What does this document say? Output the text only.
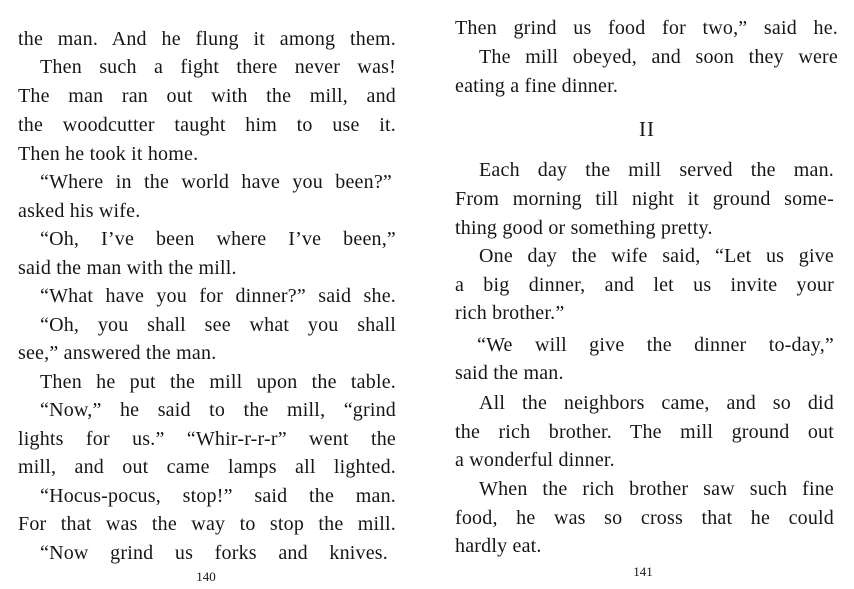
the man. And he flung it among them.
Then such a fight there never was!
The man ran out with the mill, and
the woodcutter taught him to use it.
Then he took it home.
“Where in the world have you been?”
asked his wife.
“Oh, I’ve been where I’ve been,”
said the man with the mill.
“What have you for dinner?” said she.
“Oh, you shall see what you shall
see,” answered the man.
Then he put the mill upon the table.
“Now,” he said to the mill, “grind
lights for us.” “Whir-r-r-r” went the
mill, and out came lamps all lighted.
“Hocus-pocus, stop!” said the man.
For that was the way to stop the mill.
“Now grind us forks and knives.
140
Then grind us food for two,” said he.
The mill obeyed, and soon they were
eating a fine dinner.
II
Each day the mill served the man.
From morning till night it ground some-
thing good or something pretty.
One day the wife said, “Let us give
a big dinner, and let us invite your
rich brother.”
“We will give the dinner to-day,”
said the man.
All the neighbors came, and so did
the rich brother. The mill ground out
a wonderful dinner.
When the rich brother saw such fine
food, he was so cross that he could
hardly eat.
141
